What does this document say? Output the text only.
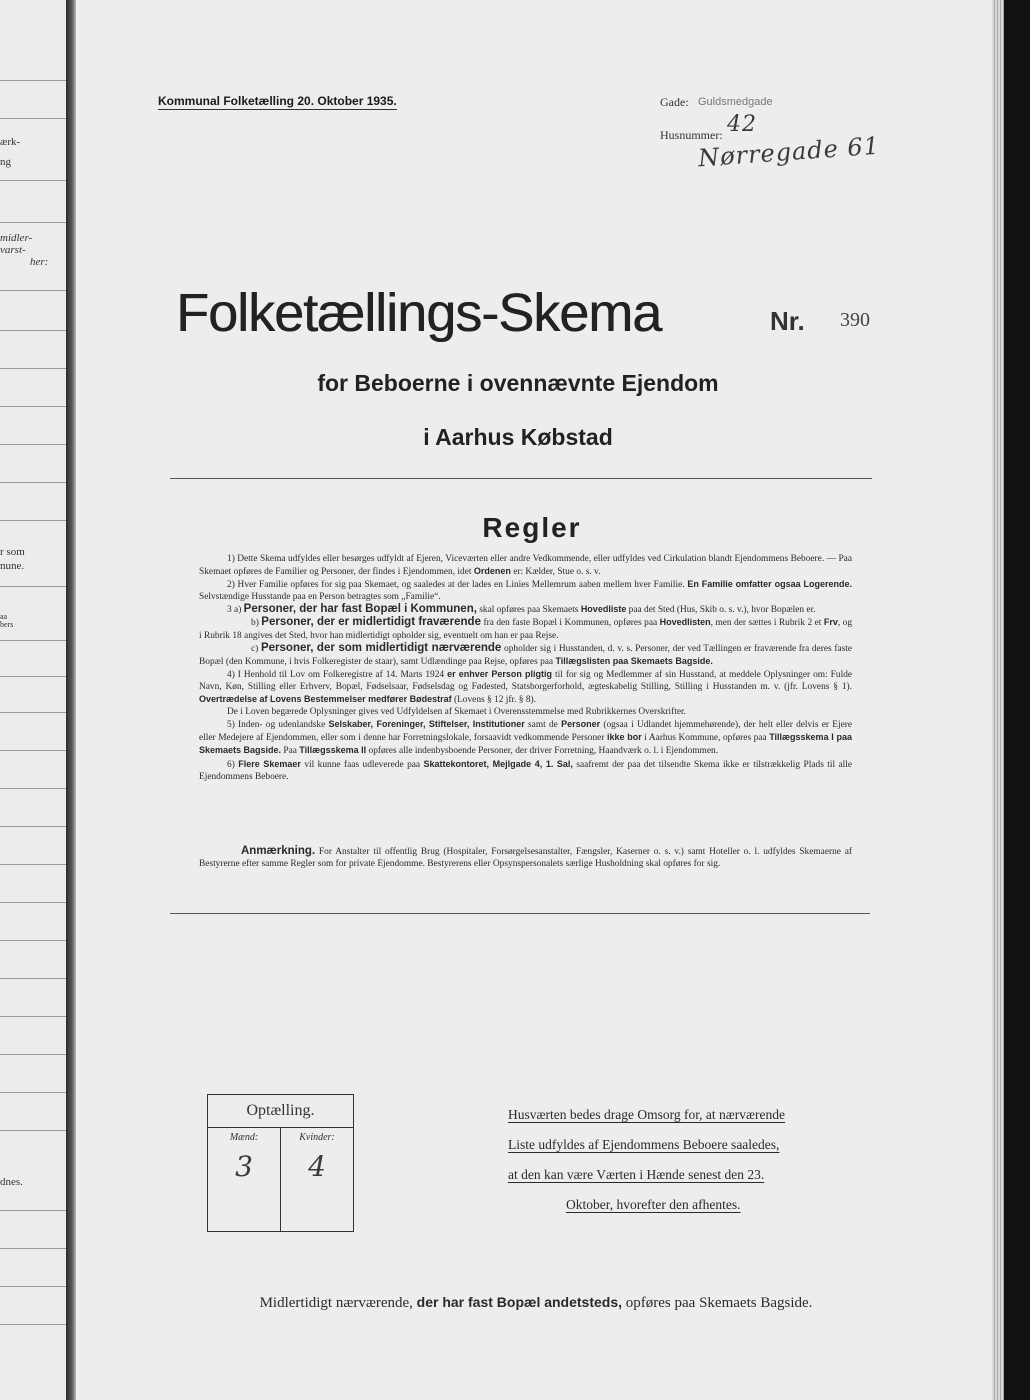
ærk-
ng
midler-
varst-
her:
r som
nune.
aa
bers
dnes.
Kommunal Folketælling 20. Oktober 1935.	Gade: Guldsmedgade
Husnummer: 42
Nørregade 61
Folketællings-Skema	Nr. 390
for Beboerne i ovennævnte Ejendom
i Aarhus Købstad
Regler

1) Dette Skema udfyldes eller besørges udfyldt af Ejeren, Viceværten eller andre Vedkommende, eller udfyldes ved Cirkulation blandt Ejendommens Beboere. — Paa Skemaet opføres de Familier og Personer, der findes i Ejendommen, idet Ordenen er: Kælder, Stue o. s. v.

2) Hver Familie opføres for sig paa Skemaet, og saaledes at der lades en Linies Mellemrum aaben mellem hver Familie. En Familie omfatter ogsaa Logerende. Selvstændige Husstande paa en Person betragtes som „Familie“.

3 a) Personer, der har fast Bopæl i Kommunen, skal opføres paa Skemaets Hovedliste paa det Sted (Hus, Skib o. s. v.), hvor Bopælen er.

b) Personer, der er midlertidigt fraværende fra den faste Bopæl i Kommunen, opføres paa Hovedlisten, men der sættes i Rubrik 2 et Frv, og i Rubrik 18 angives det Sted, hvor han midlertidigt opholder sig, eventuelt om han er paa Rejse.

c) Personer, der som midlertidigt nærværende opholder sig i Husstanden, d. v. s. Personer, der ved Tællingen er fraværende fra deres faste Bopæl (den Kommune, i hvis Folkeregister de staar), samt Udlændinge paa Rejse, opføres paa Tillægslisten paa Skemaets Bagside.

4) I Henhold til Lov om Folkeregistre af 14. Marts 1924 er enhver Person pligtig til for sig og Medlemmer af sin Husstand, at meddele Oplysninger om: Fulde Navn, Køn, Stilling eller Erhverv, Bopæl, Fødselsaar, Fødselsdag og Fødested, Statsborgerforhold, ægteskabelig Stilling, Stilling i Husstanden m. v. (jfr. Lovens § 1). Overtrædelse af Lovens Bestemmelser medfører Bødestraf (Lovens § 12 jfr. § 8).

De i Loven begærede Oplysninger gives ved Udfyldelsen af Skemaet i Overensstemmelse med Rubrikkernes Overskrifter.

5) Inden- og udenlandske Selskaber, Foreninger, Stiftelser, Institutioner samt de Personer (ogsaa i Udlandet hjemmehørende), der helt eller delvis er Ejere eller Medejere af Ejendommen, eller som i denne har Forretningslokale, forsaavidt vedkommende Personer ikke bor i Aarhus Kommune, opføres paa Tillægsskema I paa Skemaets Bagside. Paa Tillægsskema II opføres alle indenbysboende Personer, der driver Forretning, Haandværk o. l. i Ejendommen.

6) Flere Skemaer vil kunne faas udleverede paa Skattekontoret, Mejlgade 4, 1. Sal, saafremt der paa det tilsendte Skema ikke er tilstrækkelig Plads til alle Ejendommens Beboere.

Anmærkning. For Anstalter til offentlig Brug (Hospitaler, Forsørgelsesanstalter, Fængsler, Kaserner o. s. v.) samt Hoteller o. l. udfyldes Skemaerne af Bestyrerne efter samme Regler som for private Ejendomme. Bestyrerens eller Opsynspersonalets særlige Husholdning skal opføres for sig.

Optælling.
Mænd:
3
Kvinder:
4
Husværten bedes drage Omsorg for, at nærværende
Liste udfyldes af Ejendommens Beboere saaledes,
at den kan være Værten i Hænde senest den 23.
Oktober, hvorefter den afhentes.
Midlertidigt nærværende, der har fast Bopæl andetsteds, opføres paa Skemaets Bagside.
